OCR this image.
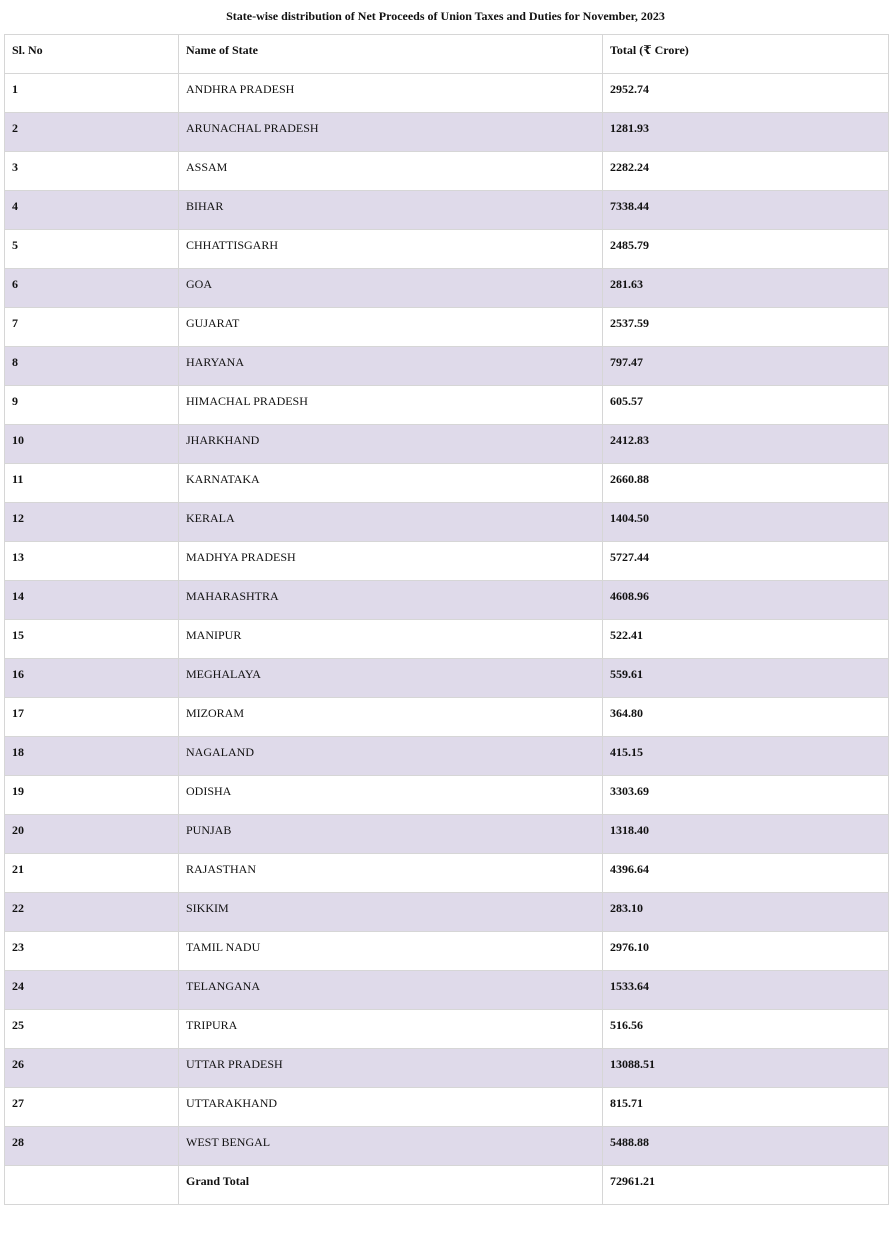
State-wise distribution of Net Proceeds of Union Taxes and Duties for November, 2023
Sl. No	Name of State	Total (₹ Crore)
1	ANDHRA PRADESH	2952.74
2	ARUNACHAL PRADESH	1281.93
3	ASSAM	2282.24
4	BIHAR	7338.44
5	CHHATTISGARH	2485.79
6	GOA	281.63
7	GUJARAT	2537.59
8	HARYANA	797.47
9	HIMACHAL PRADESH	605.57
10	JHARKHAND	2412.83
11	KARNATAKA	2660.88
12	KERALA	1404.50
13	MADHYA PRADESH	5727.44
14	MAHARASHTRA	4608.96
15	MANIPUR	522.41
16	MEGHALAYA	559.61
17	MIZORAM	364.80
18	NAGALAND	415.15
19	ODISHA	3303.69
20	PUNJAB	1318.40
21	RAJASTHAN	4396.64
22	SIKKIM	283.10
23	TAMIL NADU	2976.10
24	TELANGANA	1533.64
25	TRIPURA	516.56
26	UTTAR PRADESH	13088.51
27	UTTARAKHAND	815.71
28	WEST BENGAL	5488.88
	Grand Total	72961.21
